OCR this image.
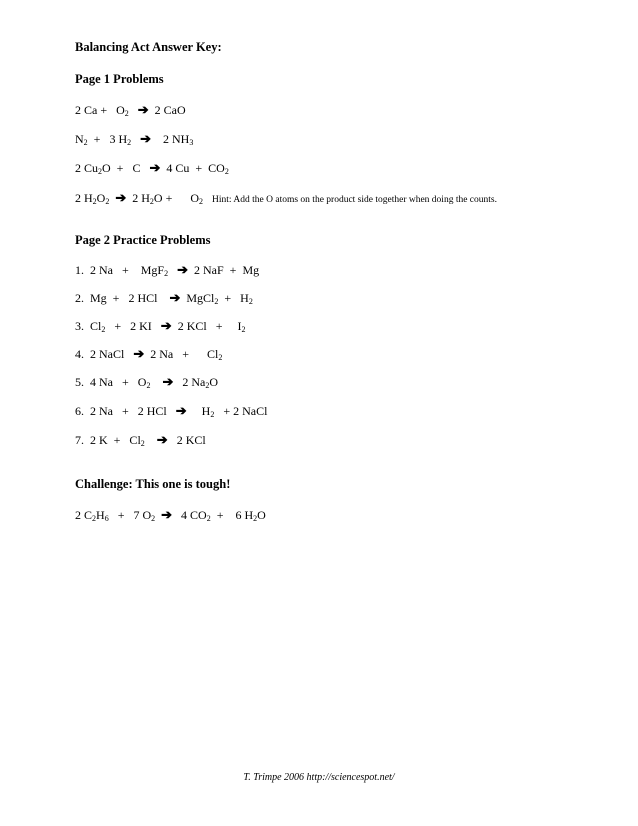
Balancing Act Answer Key:
Page 1 Problems
2 $Ca + O_2$ ➔  2 CaO
$N_2 + 3$ $H_2$ ➔    2 $NH_3$
2 $Cu_2O + C$   ➔  4 $Cu + CO_2$
2 $H_2O_2$ ➔  2 $H_2O$ +      $O_2$ Hint: Add the O atoms on the product side together when doing the counts.
Page 2 Practice Problems
1.  2 Na   +    MgF$_2$ ➔  2 NaF  +  Mg
2.  Mg  +   2 HCl    ➔  MgCl$_2$  +   $H_2$
3.  $Cl_2 + 2$ KI   ➔  2 KCl   +     $I_2$
4.  2 NaCl   ➔  2 Na   +      $Cl_2$
5.  4 $Na + O_2$ ➔   2 $Na_2O$
6.  2 Na   +   2 HCl   ➔     $H_2 + 2$ NaCl
7.  2 $K + Cl_2$ ➔   2 KCl
Challenge: This one is tough!
2 $C_2H_6 + 7$ $O_2$ ➔   4 $CO_2$  +    6 $H_2O$
T. Trimpe 2006 http://sciencespot.net/
